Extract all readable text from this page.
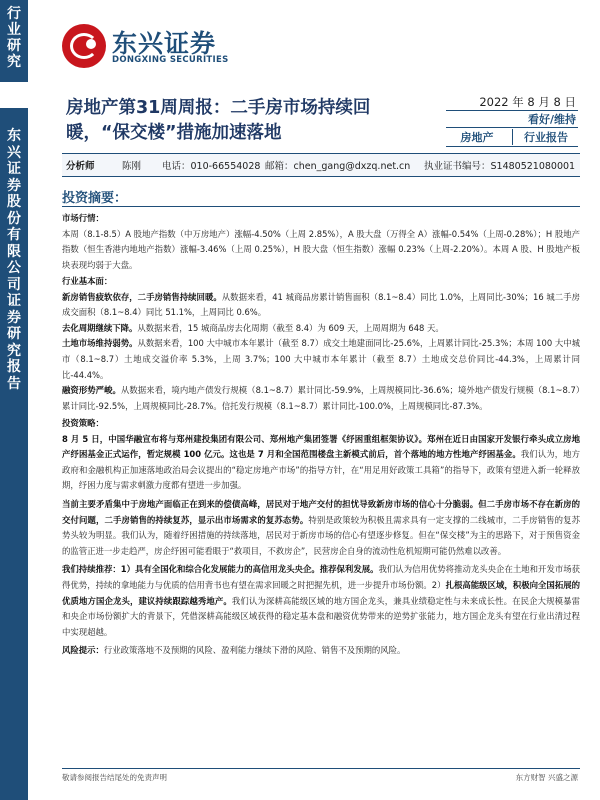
行业研究
东兴证券股份有限公司证券研究报告
东兴证券
DONGXING SECURITIES
房地产第31周周报：二手房市场持续回暖，“保交楼”措施加速落地
2022 年 8 月 8 日
看好/维持
房地产	行业报告
分析师	陈刚 电话：010-66554028 邮箱：chen_gang@dxzq.net.cn 执业证书编号：S1480521080001
投资摘要：
市场行情：
本周（8.1-8.5）A 股地产指数（中万房地产）涨幅-4.50%（上周 2.85%），A 股大盘（万得全 A）涨幅-0.54%（上周-0.28%）；H 股地产指数（恒生香港内地地产指数）涨幅-3.46%（上周 0.25%），H 股大盘（恒生指数）涨幅 0.23%（上周-2.20%）。本周 A 股、H 股地产板块表现均弱于大盘。
行业基本面：
新房销售疲软依存，二手房销售持续回暖。从数据来看，41 城商品房累计销售面积（8.1~8.4）同比 1.0%，上周同比-30%；16 城二手房成交面积（8.1~8.4）同比 51.1%，上周同比 0.6%。
去化周期继续下降。从数据来看，15 城商品房去化周期（截至 8.4）为 609 天，上周周期为 648 天。
土地市场维持弱势。从数据来看，100 大中城市本年累计（截至 8.7）成交土地建面同比-25.6%，上周累计同比-25.3%；本周 100 大中城市（8.1~8.7）土地成交溢价率 5.3%，上周 3.7%；100 大中城市本年累计（截至 8.7）土地成交总价同比-44.3%，上周累计同比-44.4%。
融资形势严峻。从数据来看，境内地产债发行规模（8.1~8.7）累计同比-59.9%，上周规模同比-36.6%；境外地产债发行规模（8.1~8.7）累计同比-92.5%，上周规模同比-28.7%。信托发行规模（8.1~8.7）累计同比-100.0%，上周规模同比-87.3%。
投资策略：
8 月 5 日，中国华融宣布将与郑州建投集团有限公司、郑州地产集团签署《纾困重组框架协议》。郑州在近日由国家开发银行牵头成立房地产纾困基金正式运作，暂定规模 100 亿元。这也是 7 月和全国范围楼盘主新模式前后，首个落地的地方性地产纾困基金。我们认为，地方政府和金融机构正加速落地政治局会议提出的“稳定房地产市场”的指导方针，在“用足用好政策工具箱”的指导下，政策有望进入新一轮释放期，纾困力度与需求刺激力度都有望进一步加强。
当前主要矛盾集中于房地产面临正在到来的偿债高峰，居民对于地产交付的担忧导致新房市场的信心十分脆弱。但二手房市场不存在新房的交付问题，二手房销售的持续复苏，显示出市场需求的复苏态势。特别是政策较为积极且需求具有一定支撑的二线城市，二手房销售的复苏势头较为明显。我们认为，随着纾困措施的持续落地，居民对于新房市场的信心有望逐步修复。但在“保交楼”为主的思路下，对于预售资金的监管正进一步走趋严，房企纾困可能看眼于“救项目，不救房企”，民营房企自身的流动性危机短期可能仍然难以改善。
我们持续推荐：1）具有全国化和综合化发展能力的高信用龙头央企。推荐保利发展。我们认为信用优势将推动龙头央企在土地和开发市场获得优势，持续的拿地能力与优质的信用背书也有望在需求回暖之时把握先机，进一步提升市场份额。2）扎根高能级区域，积极向全国拓展的优质地方国企龙头，建议持续跟踪越秀地产。我们认为深耕高能级区域的地方国企龙头，兼具业绩稳定性与未来成长性。在民企大规模暴雷和央企市场份额扩大的背景下，凭借深耕高能级区域获得的稳定基本盘和融资优势带来的逆势扩张能力，地方国企龙头有望在行业出清过程中实现超越。
风险提示：行业政策落地不及预期的风险、盈利能力继续下滑的风险、销售不及预期的风险。
敬请参阅报告结尾处的免责声明	东方财智 兴盛之源
